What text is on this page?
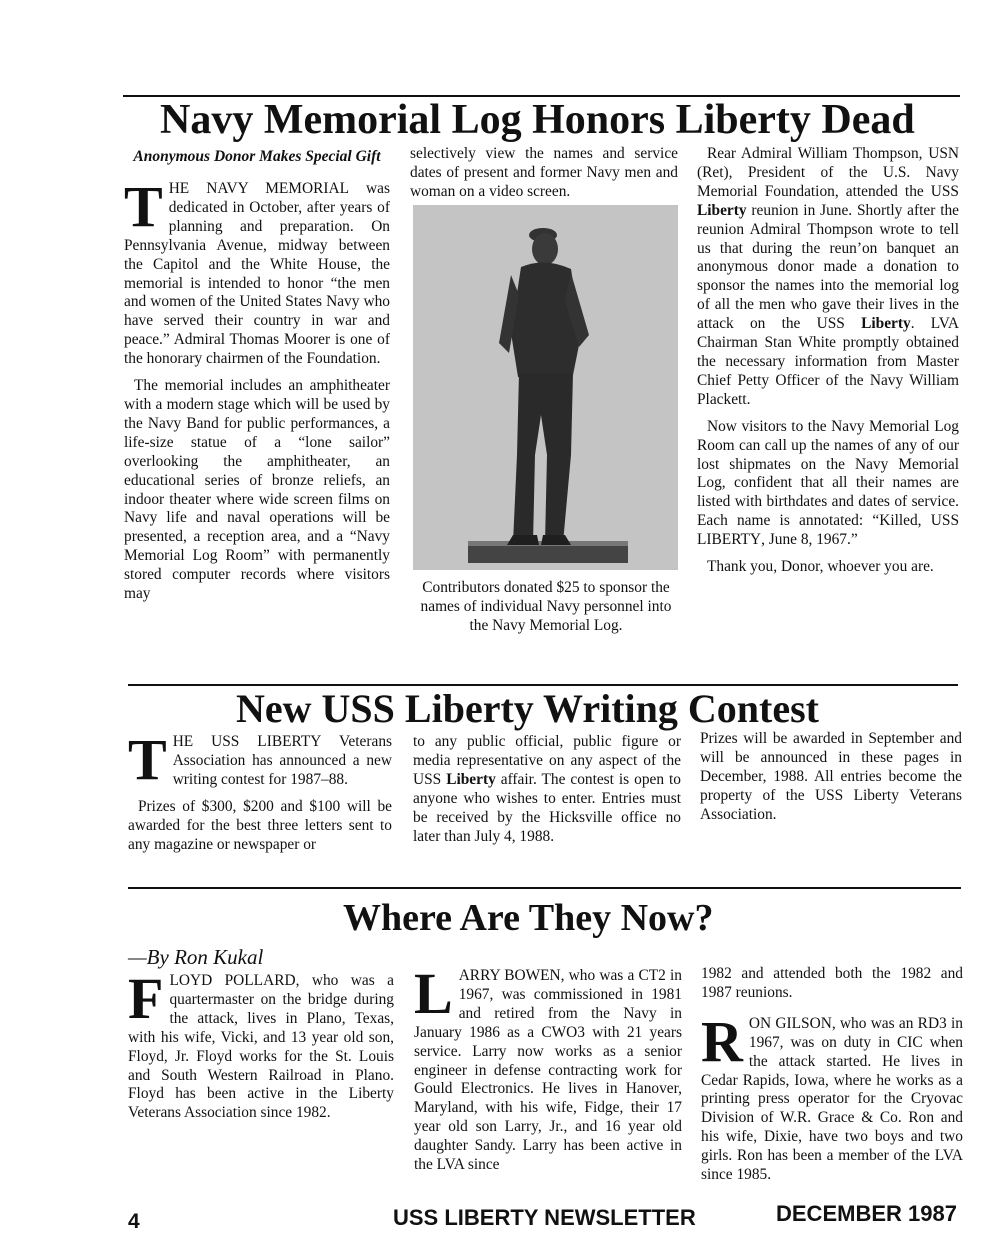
Navy Memorial Log Honors Liberty Dead
Anonymous Donor Makes Special Gift

THE NAVY MEMORIAL was dedicated in October, after years of planning and preparation. On Pennsylvania Avenue, midway between the Capitol and the White House, the memorial is intended to honor “the men and women of the United States Navy who have served their country in war and peace.” Admiral Thomas Moorer is one of the honorary chairmen of the Foundation.

The memorial includes an amphitheater with a modern stage which will be used by the Navy Band for public performances, a life-size statue of a “lone sailor” overlooking the amphitheater, an educational series of bronze reliefs, an indoor theater where wide screen films on Navy life and naval operations will be presented, a reception area, and a “Navy Memorial Log Room” with permanently stored computer records where visitors may

selectively view the names and service dates of present and former Navy men and woman on a video screen.

Contributors donated $25 to sponsor the names of individual Navy personnel into the Navy Memorial Log.

Rear Admiral William Thompson, USN (Ret), President of the U.S. Navy Memorial Foundation, attended the USS Liberty reunion in June. Shortly after the reunion Admiral Thompson wrote to tell us that during the reun’on banquet an anonymous donor made a donation to sponsor the names into the memorial log of all the men who gave their lives in the attack on the USS Liberty. LVA Chairman Stan White promptly obtained the necessary information from Master Chief Petty Officer of the Navy William Plackett.

Now visitors to the Navy Memorial Log Room can call up the names of any of our lost shipmates on the Navy Memorial Log, confident that all their names are listed with birthdates and dates of service. Each name is annotated: “Killed, USS LIBERTY, June 8, 1967.”

Thank you, Donor, whoever you are.

New USS Liberty Writing Contest

THE USS LIBERTY Veterans Association has announced a new writing contest for 1987–88.

Prizes of $300, $200 and $100 will be awarded for the best three letters sent to any magazine or newspaper or

to any public official, public figure or media representative on any aspect of the USS Liberty affair. The contest is open to anyone who wishes to enter. Entries must be received by the Hicksville office no later than July 4, 1988.

Prizes will be awarded in September and will be announced in these pages in December, 1988. All entries become the property of the USS Liberty Veterans Association.

Where Are They Now?
—By Ron Kukal

FLOYD POLLARD, who was a quartermaster on the bridge during the attack, lives in Plano, Texas, with his wife, Vicki, and 13 year old son, Floyd, Jr. Floyd works for the St. Louis and South Western Railroad in Plano. Floyd has been active in the Liberty Veterans Association since 1982.

LARRY BOWEN, who was a CT2 in 1967, was commissioned in 1981 and retired from the Navy in January 1986 as a CWO3 with 21 years service. Larry now works as a senior engineer in defense contracting work for Gould Electronics. He lives in Hanover, Maryland, with his wife, Fidge, their 17 year old son Larry, Jr., and 16 year old daughter Sandy. Larry has been active in the LVA since

1982 and attended both the 1982 and 1987 reunions.

RON GILSON, who was an RD3 in 1967, was on duty in CIC when the attack started. He lives in Cedar Rapids, Iowa, where he works as a printing press operator for the Cryovac Division of W.R. Grace & Co. Ron and his wife, Dixie, have two boys and two girls. Ron has been a member of the LVA since 1985.

4	USS LIBERTY NEWSLETTER	DECEMBER 1987
